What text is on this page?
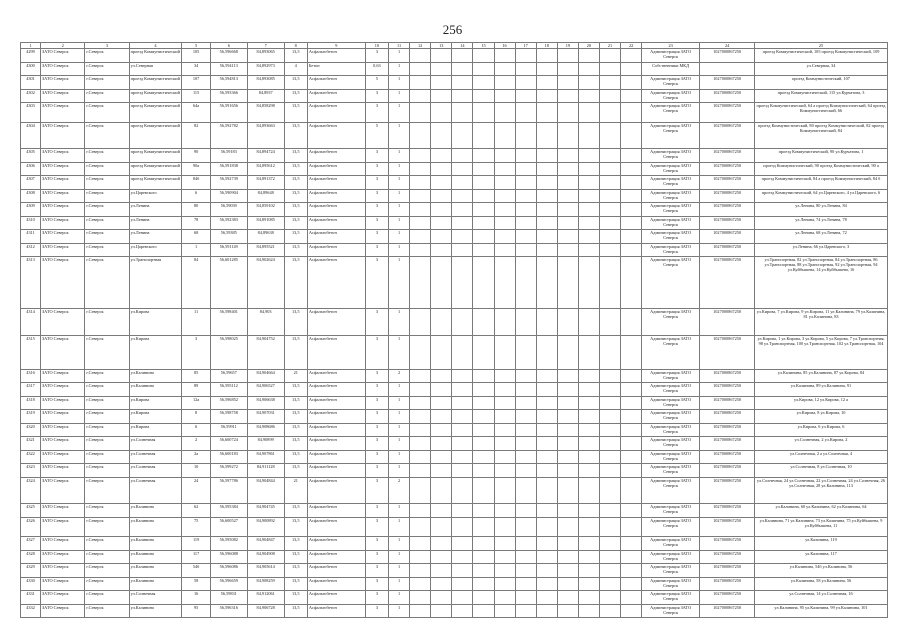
256
1	2	3	4	5	6	7	8	9	10	11	12	13	14	15	16	17	18	19	20	21	22	23	24	25
4299	ЗАТО Северск	г.Северск	проезд Коммунистический	105	56,596668	84,893065	13,5	Асфальтобетон	3	1												Администрация ЗАТО Северск	1027000867250	проезд Коммунистический, 105 проезд Коммунистический, 109
4300	ЗАТО Северск	г.Северск	ул.Северная	34	56,594113	84,892973	4	Бетон	0,63	1												Собственники МКД		ул.Северная, 34
4301	ЗАТО Северск	г.Северск	проезд Коммунистический	107	56,594813	84,893085	13,5	Асфальтобетон	5	1												Администрация ЗАТО Северск	1027000867250	проезд Коммунистический, 107
4302	ЗАТО Северск	г.Северск	проезд Коммунистический	115	56,593366	84,8937	13,5	Асфальтобетон	3	1												Администрация ЗАТО Северск	1027000867250	проезд Коммунистический, 115 ул.Курчатова, 3
4303	ЗАТО Северск	г.Северск	проезд Коммунистический	64а	56,591656	84,858298	13,5	Асфальтобетон	3	1												Администрация ЗАТО Северск	1027000867250	проезд Коммунистический, 64 а проезд Коммунистический, 64 проезд Коммунистический, 66
4304	ЗАТО Северск	г.Северск	проезд Коммунистический	82	56,592782	84,893663	13,5	Асфальтобетон	5	1												Администрация ЗАТО Северск	1027000867250	проезд Коммунистический, 80 проезд Коммунистический, 82 проезд Коммунистический, 84
4305	ЗАТО Северск	г.Северск	проезд Коммунистический	90	56,59183	84,894724	13,5	Асфальтобетон	3	1												Администрация ЗАТО Северск	1027000867250	проезд Коммунистический, 90 ул.Курчатова, 1
4306	ЗАТО Северск	г.Северск	проезд Коммунистический	90а	56,591838	84,895612	13,5	Асфальтобетон	3	1												Администрация ЗАТО Северск	1027000867250	проезд Коммунистический, 90 проезд Коммунистический, 90 а
4307	ЗАТО Северск	г.Северск	проезд Коммунистический	84б	56,592739	84,891372	13,5	Асфальтобетон	3	1												Администрация ЗАТО Северск	1027000867250	проезд Коммунистический, 84 а проезд Коммунистический, 84 б
4308	ЗАТО Северск	г.Северск	ул.Царевского	6	56,590904	84,89648	13,5	Асфальтобетон	3	1												Администрация ЗАТО Северск	1027000867250	проезд Коммунистический, 64 ул.Царевского, 4 ул.Царевского, 6
4309	ЗАТО Северск	г.Северск	ул.Ленина	80	56,59039	84,859102	13,5	Асфальтобетон	3	1												Администрация ЗАТО Северск	1027000867250	ул.Ленина, 80 ул.Ленина, 84
4310	ЗАТО Северск	г.Северск	ул.Ленина	78	56,592383	84,891085	13,5	Асфальтобетон	3	1												Администрация ЗАТО Северск	1027000867250	ул.Ленина, 74 ул.Ленина, 78
4311	ЗАТО Северск	г.Северск	ул.Ленина	68	56,59385	84,89638	13,5	Асфальтобетон	3	1												Администрация ЗАТО Северск	1027000867250	ул.Ленина, 68 ул.Ленина, 72
4312	ЗАТО Северск	г.Северск	ул.Царевского	1	56,591149	84,895521	13,5	Асфальтобетон	3	1												Администрация ЗАТО Северск	1027000867250	ул.Ленина, 66 ул.Царевского, 3
4313	ЗАТО Северск	г.Северск	ул.Транспортная	84	56,601285	84,902624	13,5	Асфальтобетон	3	1												Администрация ЗАТО Северск	1027000867250	ул.Транспортная, 82 ул.Транспортная, 84 ул.Транспортная, 86 ул.Транспортная, 88 ул.Транспортная, 92 ул.Транспортная, 94 ул.Куйбышева, 14 ул.Куйбышева, 16
4314	ЗАТО Северск	г.Северск	ул.Кирова	11	56,598401	84,903	13,5	Асфальтобетон	3	1												Администрация ЗАТО Северск	1027000867250	ул.Кирова, 7 ул.Кирова, 9 ул.Кирова, 11 ул.Калинина, 79 ул.Калинина, 81 ул.Калинина, 83
4315	ЗАТО Северск	г.Северск	ул.Кирова	3	56,598025	84,904752	13,5	Асфальтобетон	3	1												Администрация ЗАТО Северск	1027000867250	ул.Кирова, 1 ул.Кирова, 3 ул.Кирова, 5 ул.Кирова, 7 ул.Транспортная, 98 ул.Транспортная, 100 ул.Транспортная, 102 ул.Транспортная, 104
4316	ЗАТО Северск	г.Северск	ул.Калинина	85	56,59657	84,904664	21	Асфальтобетон	3	2												Администрация ЗАТО Северск	1027000867250	ул.Калинина, 85 ул.Калинина, 87 ул.Кирова, 84
4317	ЗАТО Северск	г.Северск	ул.Калинина	89	56,595112	84,906527	13,5	Асфальтобетон	3	1												Администрация ЗАТО Северск	1027000867250	ул.Калинина, 89 ул.Калинина, 91
4318	ЗАТО Северск	г.Северск	ул.Кирова	12а	56,596852	84,906638	13,5	Асфальтобетон	3	1												Администрация ЗАТО Северск	1027000867250	ул.Кирова, 12 ул.Кирова, 12 а
4319	ЗАТО Северск	г.Северск	ул.Кирова	8	56,598758	84,907031	13,5	Асфальтобетон	3	1												Администрация ЗАТО Северск	1027000867250	ул.Кирова, 8 ул.Кирова, 10
4320	ЗАТО Северск	г.Северск	ул.Кирова	6	56,59911	84,908686	13,5	Асфальтобетон	3	1												Администрация ЗАТО Северск	1027000867250	ул.Кирова, 6 ул.Кирова, 6
4321	ЗАТО Северск	г.Северск	ул.Солнечная	2	56,600724	84,90899	13,5	Асфальтобетон	3	1												Администрация ЗАТО Северск	1027000867250	ул.Солнечная, 2 ул.Кирова, 2
4322	ЗАТО Северск	г.Северск	ул.Солнечная	2а	56,600183	84,907861	13,5	Асфальтобетон	3	1												Администрация ЗАТО Северск	1027000867250	ул.Солнечная, 2 а ул.Солнечная, 4
4323	ЗАТО Северск	г.Северск	ул.Солнечная	10	56,599272	84,911128	13,5	Асфальтобетон	3	1												Администрация ЗАТО Северск	1027000867250	ул.Солнечная, 8 ул.Солнечная, 10
4324	ЗАТО Северск	г.Северск	ул.Солнечная	24	56,597786	84,904844	21	Асфальтобетон	3	2												Администрация ЗАТО Северск	1027000867250	ул.Солнечная, 24 ул.Солнечная, 22 ул.Солнечная, 24 ул.Солнечная, 26 ул.Солнечная, 28 ул.Калинина, 113
4325	ЗАТО Северск	г.Северск	ул.Калинина	62	56,595384	84,904745	13,5	Асфальтобетон	3	1												Администрация ЗАТО Северск	1027000867250	ул.Калинина, 60 ул.Калинина, 62 ул.Калинина, 64
4326	ЗАТО Северск	г.Северск	ул.Калинина	75	56,600527	84,900892	13,5	Асфальтобетон	3	1												Администрация ЗАТО Северск	1027000867250	ул.Калинина, 71 ул.Калинина, 73 ул.Калинина, 75 ул.Куйбышева, 9 ул.Куйбышева, 11
4327	ЗАТО Северск	г.Северск	ул.Калинина	119	56,595082	84,904847	13,5	Асфальтобетон	3	1												Администрация ЗАТО Северск	1027000867250	ул.Калинина, 119
4328	ЗАТО Северск	г.Северск	ул.Калинина	117	56,596088	84,904908	13,5	Асфальтобетон	3	1												Администрация ЗАТО Северск	1027000867250	ул.Калинина, 117
4329	ЗАТО Северск	г.Северск	ул.Калинина	54б	56,596086	84,905614	13,5	Асфальтобетон	3	1												Администрация ЗАТО Северск	1027000867250	ул.Калинина, 54б ул.Калинина, 56
4330	ЗАТО Северск	г.Северск	ул.Калинина	58	56,596659	84,908259	13,5	Асфальтобетон	3	1												Администрация ЗАТО Северск	1027000867250	ул.Калинина, 58 ул.Калинина, 56
4331	ЗАТО Северск	г.Северск	ул.Солнечная	16	56,59831	84,912061	13,5	Асфальтобетон	3	1												Администрация ЗАТО Северск	1027000867250	ул.Солнечная, 14 ул.Солнечная, 16
4332	ЗАТО Северск	г.Северск	ул.Калинина	95	56,596316	84,906728	13,5	Асфальтобетон	3	1												Администрация ЗАТО Северск	1027000867250	ул.Калинина, 95 ул.Калинина, 99 ул.Калинина, 101
